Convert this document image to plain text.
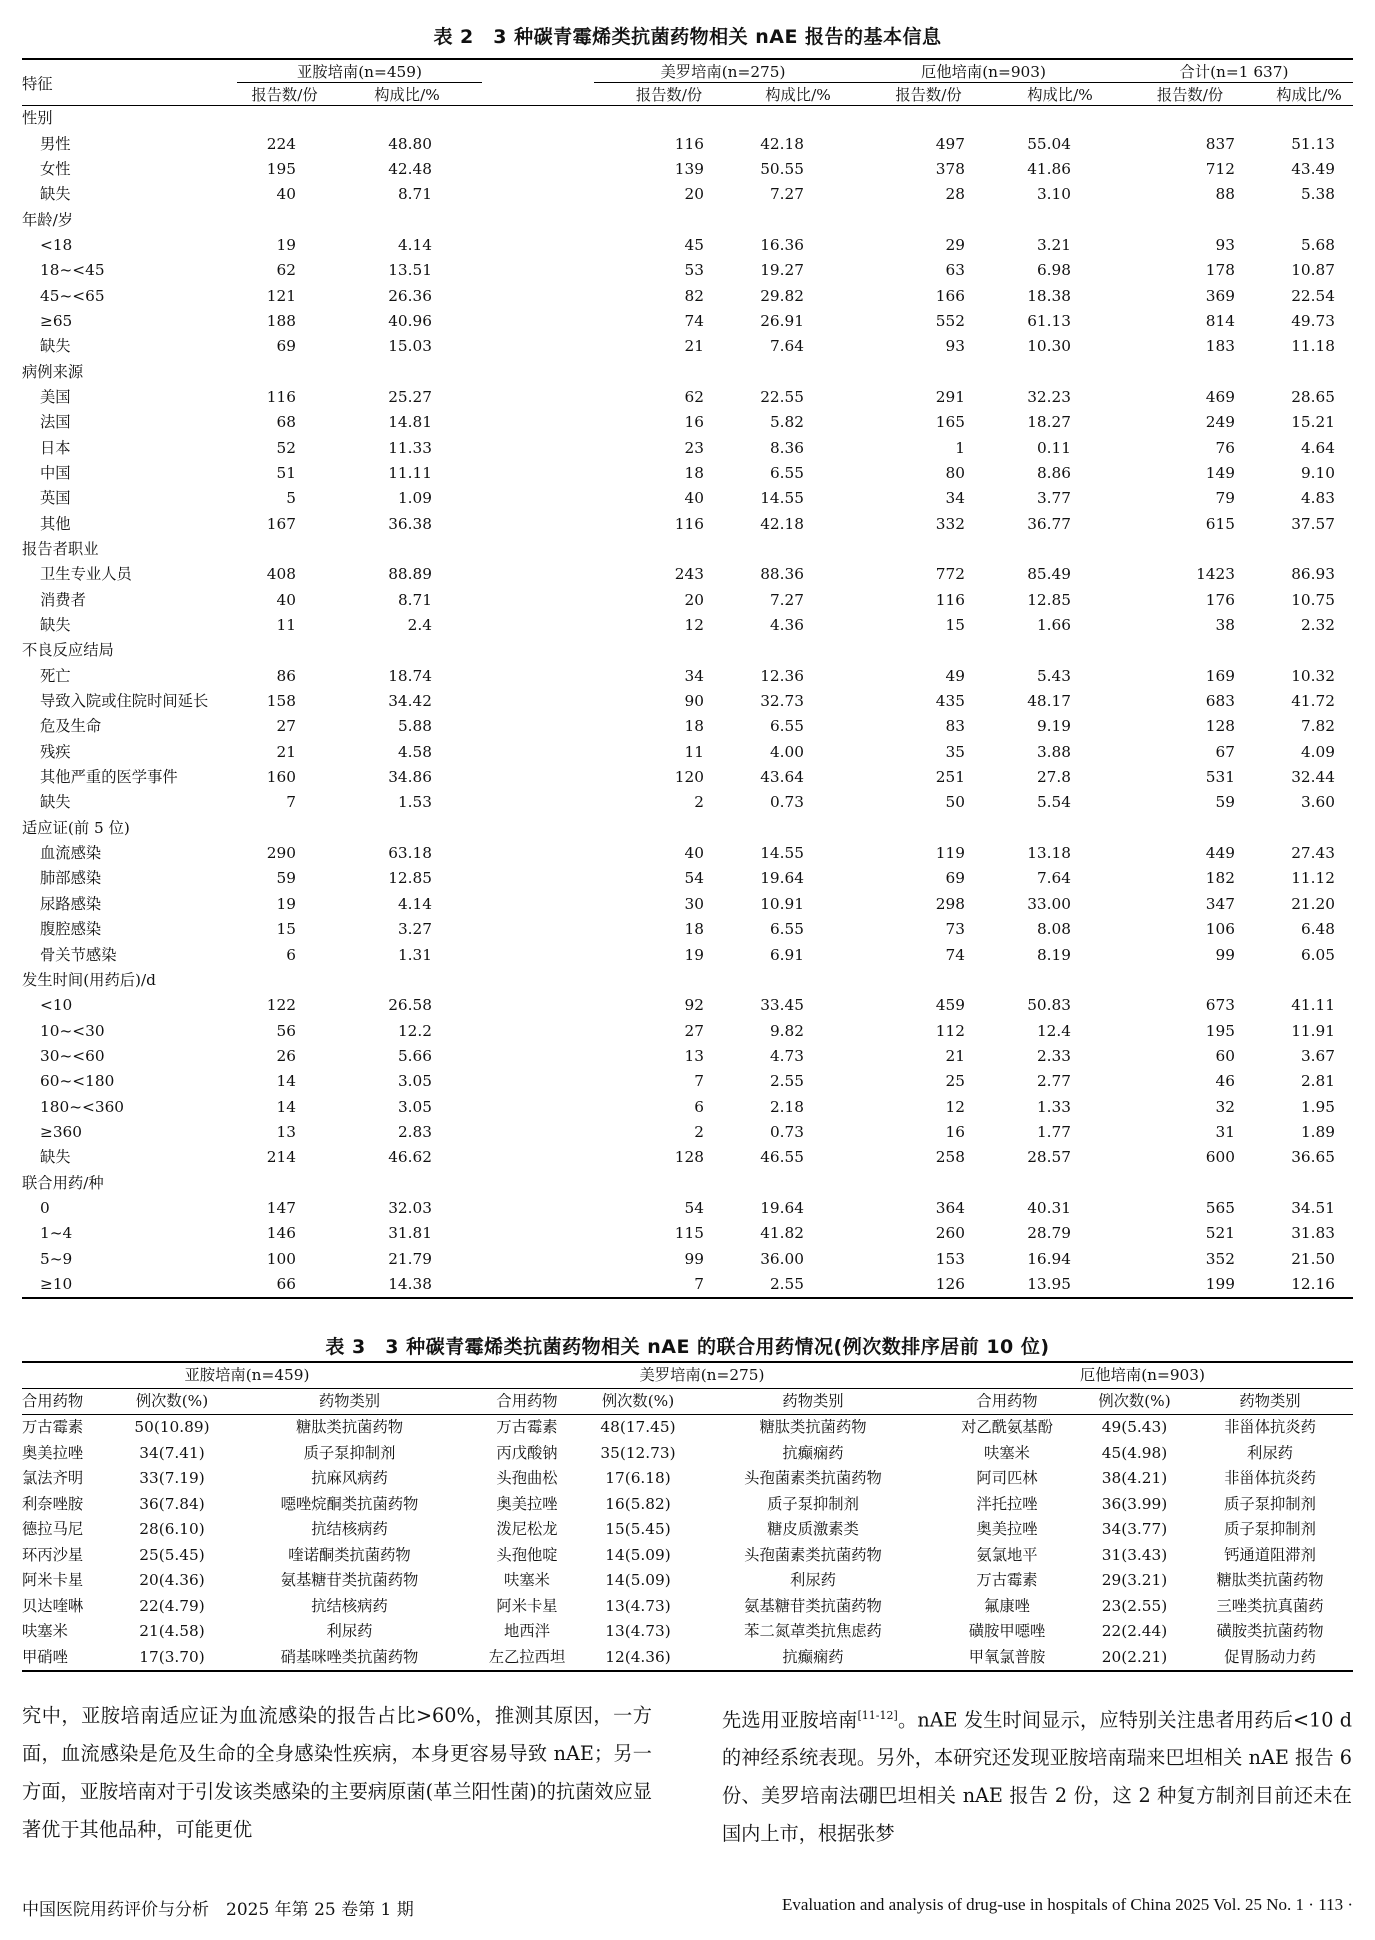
表 2　3 种碳青霉烯类抗菌药物相关 nAE 报告的基本信息
特征	亚胺培南(n=459)			美罗培南(n=275)		厄他培南(n=903)		合计(n=1 637)	
	报告数/份	构成比/%		报告数/份	构成比/%	报告数/份	构成比/%	报告数/份	构成比/%
性别									
男性	224	48.80		116	42.18	497	55.04	837	51.13
女性	195	42.48		139	50.55	378	41.86	712	43.49
缺失	40	8.71		20	7.27	28	3.10	88	5.38
年龄/岁									
<18	19	4.14		45	16.36	29	3.21	93	5.68
18~<45	62	13.51		53	19.27	63	6.98	178	10.87
45~<65	121	26.36		82	29.82	166	18.38	369	22.54
≥65	188	40.96		74	26.91	552	61.13	814	49.73
缺失	69	15.03		21	7.64	93	10.30	183	11.18
病例来源									
美国	116	25.27		62	22.55	291	32.23	469	28.65
法国	68	14.81		16	5.82	165	18.27	249	15.21
日本	52	11.33		23	8.36	1	0.11	76	4.64
中国	51	11.11		18	6.55	80	8.86	149	9.10
英国	5	1.09		40	14.55	34	3.77	79	4.83
其他	167	36.38		116	42.18	332	36.77	615	37.57
报告者职业									
卫生专业人员	408	88.89		243	88.36	772	85.49	1423	86.93
消费者	40	8.71		20	7.27	116	12.85	176	10.75
缺失	11	2.4		12	4.36	15	1.66	38	2.32
不良反应结局									
死亡	86	18.74		34	12.36	49	5.43	169	10.32
导致入院或住院时间延长	158	34.42		90	32.73	435	48.17	683	41.72
危及生命	27	5.88		18	6.55	83	9.19	128	7.82
残疾	21	4.58		11	4.00	35	3.88	67	4.09
其他严重的医学事件	160	34.86		120	43.64	251	27.8	531	32.44
缺失	7	1.53		2	0.73	50	5.54	59	3.60
适应证(前 5 位)									
血流感染	290	63.18		40	14.55	119	13.18	449	27.43
肺部感染	59	12.85		54	19.64	69	7.64	182	11.12
尿路感染	19	4.14		30	10.91	298	33.00	347	21.20
腹腔感染	15	3.27		18	6.55	73	8.08	106	6.48
骨关节感染	6	1.31		19	6.91	74	8.19	99	6.05
发生时间(用药后)/d									
<10	122	26.58		92	33.45	459	50.83	673	41.11
10~<30	56	12.2		27	9.82	112	12.4	195	11.91
30~<60	26	5.66		13	4.73	21	2.33	60	3.67
60~<180	14	3.05		7	2.55	25	2.77	46	2.81
180~<360	14	3.05		6	2.18	12	1.33	32	1.95
≥360	13	2.83		2	0.73	16	1.77	31	1.89
缺失	214	46.62		128	46.55	258	28.57	600	36.65
联合用药/种									
0	147	32.03		54	19.64	364	40.31	565	34.51
1~4	146	31.81		115	41.82	260	28.79	521	31.83
5~9	100	21.79		99	36.00	153	16.94	352	21.50
≥10	66	14.38		7	2.55	126	13.95	199	12.16
表 3　3 种碳青霉烯类抗菌药物相关 nAE 的联合用药情况(例次数排序居前 10 位)
亚胺培南(n=459)			美罗培南(n=275)			厄他培南(n=903)		
合用药物	例次数(%)	药物类别	合用药物	例次数(%)	药物类别	合用药物	例次数(%)	药物类别
万古霉素	50(10.89)	糖肽类抗菌药物	万古霉素	48(17.45)	糖肽类抗菌药物	对乙酰氨基酚	49(5.43)	非甾体抗炎药
奥美拉唑	34(7.41)	质子泵抑制剂	丙戊酸钠	35(12.73)	抗癫痫药	呋塞米	45(4.98)	利尿药
氯法齐明	33(7.19)	抗麻风病药	头孢曲松	17(6.18)	头孢菌素类抗菌药物	阿司匹林	38(4.21)	非甾体抗炎药
利奈唑胺	36(7.84)	噁唑烷酮类抗菌药物	奥美拉唑	16(5.82)	质子泵抑制剂	泮托拉唑	36(3.99)	质子泵抑制剂
德拉马尼	28(6.10)	抗结核病药	泼尼松龙	15(5.45)	糖皮质激素类	奥美拉唑	34(3.77)	质子泵抑制剂
环丙沙星	25(5.45)	喹诺酮类抗菌药物	头孢他啶	14(5.09)	头孢菌素类抗菌药物	氨氯地平	31(3.43)	钙通道阻滞剂
阿米卡星	20(4.36)	氨基糖苷类抗菌药物	呋塞米	14(5.09)	利尿药	万古霉素	29(3.21)	糖肽类抗菌药物
贝达喹啉	22(4.79)	抗结核病药	阿米卡星	13(4.73)	氨基糖苷类抗菌药物	氟康唑	23(2.55)	三唑类抗真菌药
呋塞米	21(4.58)	利尿药	地西泮	13(4.73)	苯二氮䓬类抗焦虑药	磺胺甲噁唑	22(2.44)	磺胺类抗菌药物
甲硝唑	17(3.70)	硝基咪唑类抗菌药物	左乙拉西坦	12(4.36)	抗癫痫药	甲氧氯普胺	20(2.21)	促胃肠动力药
究中，亚胺培南适应证为血流感染的报告占比>60%，推测其原因，一方面，血流感染是危及生命的全身感染性疾病，本身更容易导致 nAE；另一方面，亚胺培南对于引发该类感染的主要病原菌(革兰阳性菌)的抗菌效应显著优于其他品种，可能更优
先选用亚胺培南[11-12]。nAE 发生时间显示，应特别关注患者用药后<10 d 的神经系统表现。另外，本研究还发现亚胺培南瑞来巴坦相关 nAE 报告 6 份、美罗培南法硼巴坦相关 nAE 报告 2 份，这 2 种复方制剂目前还未在国内上市，根据张梦
中国医院用药评价与分析　2025 年第 25 卷第 1 期	Evaluation and analysis of drug-use in hospitals of China 2025 Vol. 25 No. 1 · 113 ·
